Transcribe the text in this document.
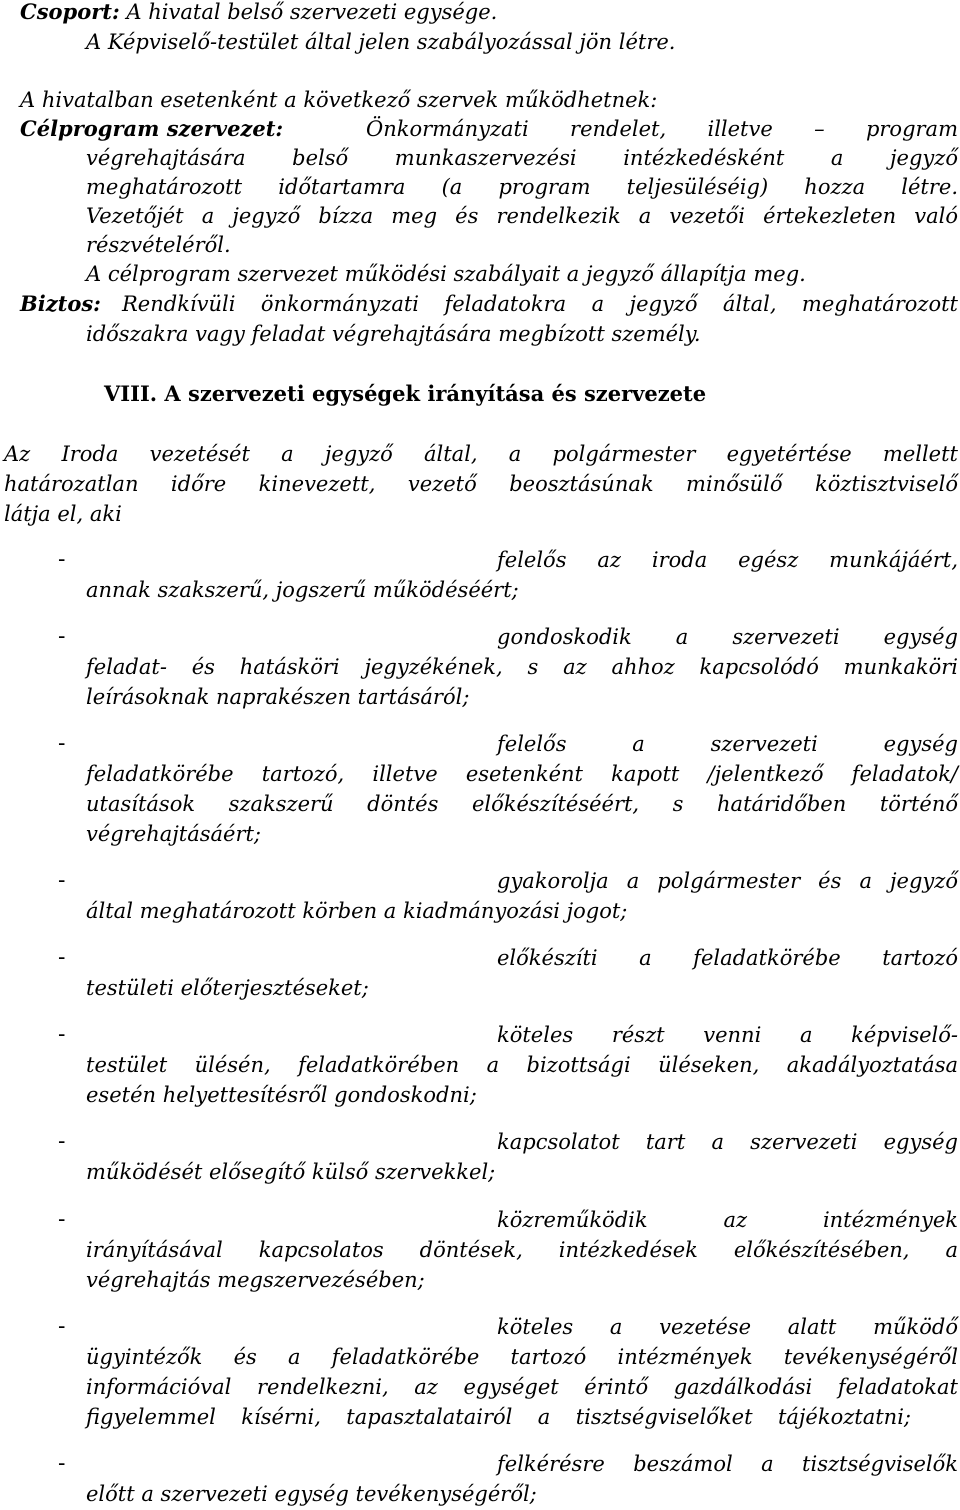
Csoport: A hivatal belső szervezeti egysége.
A Képviselő-testület által jelen szabályozással jön létre.
A hivatalban esetenként a következő szervek működhetnek:
Célprogram szervezet:	Önkormányzati rendelet, illetve – program
végrehajtására belső munkaszervezési intézkedésként a jegyző
meghatározott időtartamra (a program teljesüléséig) hozza létre.
Vezetőjét a jegyző bízza meg és rendelkezik a vezetői értekezleten való
részvételéről.
A célprogram szervezet működési szabályait a jegyző állapítja meg.
Biztos: Rendkívüli önkormányzati feladatokra a jegyző által, meghatározott
időszakra vagy feladat végrehajtására megbízott személy.
VIII. A szervezeti egységek irányítása és szervezete
Az Iroda vezetését a jegyző által, a polgármester egyetértése mellett
határozatlan időre kinevezett, vezető beosztásúnak minősülő köztisztviselő
látja el, aki
-	felelős az iroda egész munkájáért,
annak szakszerű, jogszerű működéséért;
-	gondoskodik a szervezeti egység
feladat- és hatásköri jegyzékének, s az ahhoz kapcsolódó munkaköri
leírásoknak naprakészen tartásáról;
-	felelős a szervezeti egység
feladatkörébe tartozó, illetve esetenként kapott /jelentkező feladatok/
utasítások szakszerű döntés előkészítéséért, s határidőben történő
végrehajtásáért;
-	gyakorolja a polgármester és a jegyző
által meghatározott körben a kiadmányozási jogot;
-	előkészíti a feladatkörébe tartozó
testületi előterjesztéseket;
-	köteles részt venni a képviselő-
testület ülésén, feladatkörében a bizottsági üléseken, akadályoztatása
esetén helyettesítésről gondoskodni;
-	kapcsolatot tart a szervezeti egység
működését elősegítő külső szervekkel;
-	közreműködik az intézmények
irányításával kapcsolatos döntések, intézkedések előkészítésében, a
végrehajtás megszervezésében;
-	köteles a vezetése alatt működő
ügyintézők és a feladatkörébe tartozó intézmények tevékenységéről
információval rendelkezni, az egységet érintő gazdálkodási feladatokat
figyelemmel kísérni, tapasztalatairól a tisztségviselőket tájékoztatni;
-	felkérésre beszámol a tisztségviselők
előtt a szervezeti egység tevékenységéről;
